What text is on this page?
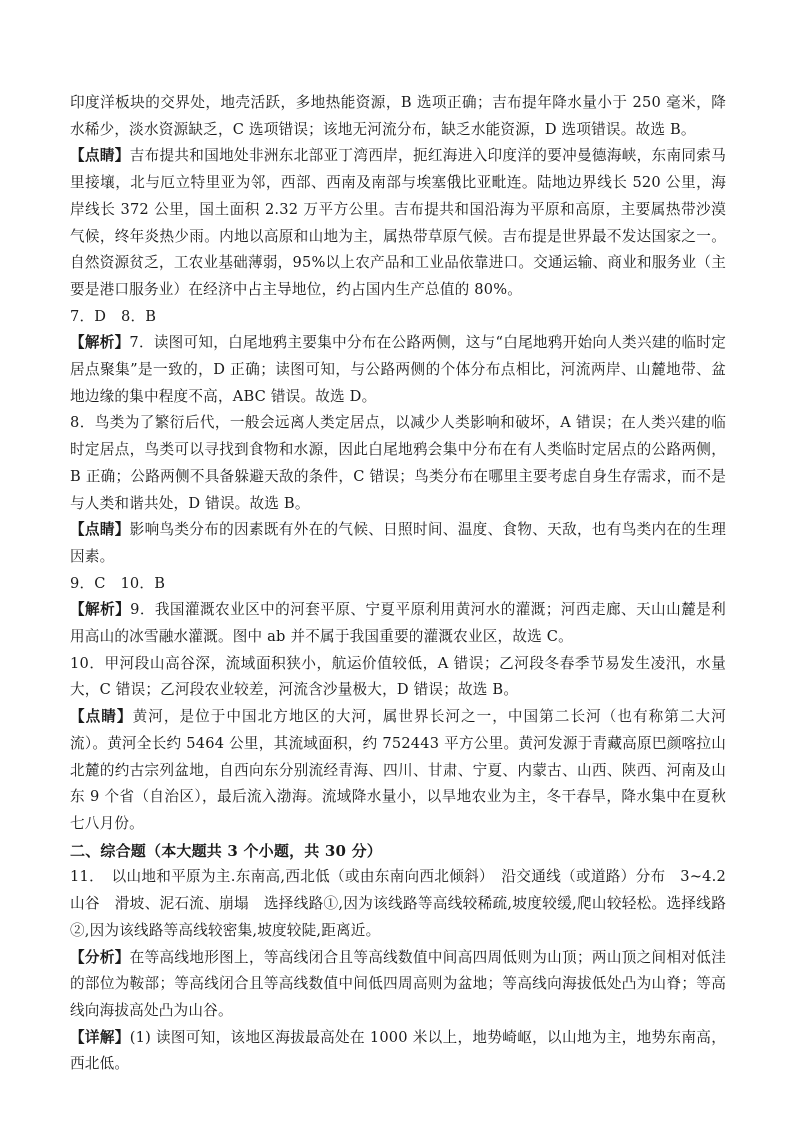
印度洋板块的交界处，地壳活跃，多地热能资源，B 选项正确；吉布提年降水量小于 250 毫米，降水稀少，淡水资源缺乏，C 选项错误；该地无河流分布，缺乏水能资源，D 选项错误。故选 B。

【点睛】吉布提共和国地处非洲东北部亚丁湾西岸，扼红海进入印度洋的要冲曼德海峡，东南同索马里接壤，北与厄立特里亚为邻，西部、西南及南部与埃塞俄比亚毗连。陆地边界线长 520 公里，海岸线长 372 公里，国土面积 2.32 万平方公里。吉布提共和国沿海为平原和高原，主要属热带沙漠气候，终年炎热少雨。内地以高原和山地为主，属热带草原气候。吉布提是世界最不发达国家之一。自然资源贫乏，工农业基础薄弱，95%以上农产品和工业品依靠进口。交通运输、商业和服务业（主要是港口服务业）在经济中占主导地位，约占国内生产总值的 80%。

7．D　8．B

【解析】7．读图可知，白尾地鸦主要集中分布在公路两侧，这与“白尾地鸦开始向人类兴建的临时定居点聚集”是一致的，D 正确；读图可知，与公路两侧的个体分布点相比，河流两岸、山麓地带、盆地边缘的集中程度不高，ABC 错误。故选 D。

8．鸟类为了繁衍后代，一般会远离人类定居点，以减少人类影响和破坏，A 错误；在人类兴建的临时定居点，鸟类可以寻找到食物和水源，因此白尾地鸦会集中分布在有人类临时定居点的公路两侧，B 正确；公路两侧不具备躲避天敌的条件，C 错误；鸟类分布在哪里主要考虑自身生存需求，而不是与人类和谐共处，D 错误。故选 B。

【点睛】影响鸟类分布的因素既有外在的气候、日照时间、温度、食物、天敌，也有鸟类内在的生理因素。

9．C　10．B

【解析】9．我国灌溉农业区中的河套平原、宁夏平原利用黄河水的灌溉；河西走廊、天山山麓是利用高山的冰雪融水灌溉。图中 ab 并不属于我国重要的灌溉农业区，故选 C。

10．甲河段山高谷深，流域面积狭小，航运价值较低，A 错误；乙河段冬春季节易发生凌汛，水量大，C 错误；乙河段农业较差，河流含沙量极大，D 错误；故选 B。

【点睛】黄河，是位于中国北方地区的大河，属世界长河之一，中国第二长河（也有称第二大河流）。黄河全长约 5464 公里，其流域面积，约 752443 平方公里。黄河发源于青藏高原巴颜喀拉山北麓的约古宗列盆地，自西向东分别流经青海、四川、甘肃、宁夏、内蒙古、山西、陕西、河南及山东 9 个省（自治区），最后流入渤海。流域降水量小，以旱地农业为主，冬干春旱，降水集中在夏秋七八月份。

二、综合题（本大题共 3 个小题，共 30 分）

11．　以山地和平原为主.东南高,西北低（或由东南向西北倾斜）　沿交通线（或道路）分布　3~4.2　山谷　滑坡、泥石流、崩塌　选择线路①,因为该线路等高线较稀疏,坡度较缓,爬山较轻松。选择线路②,因为该线路等高线较密集,坡度较陡,距离近。

【分析】在等高线地形图上，等高线闭合且等高线数值中间高四周低则为山顶；两山顶之间相对低洼的部位为鞍部；等高线闭合且等高线数值中间低四周高则为盆地；等高线向海拔低处凸为山脊；等高线向海拔高处凸为山谷。

【详解】(1) 读图可知，该地区海拔最高处在 1000 米以上，地势崎岖，以山地为主，地势东南高，西北低。
